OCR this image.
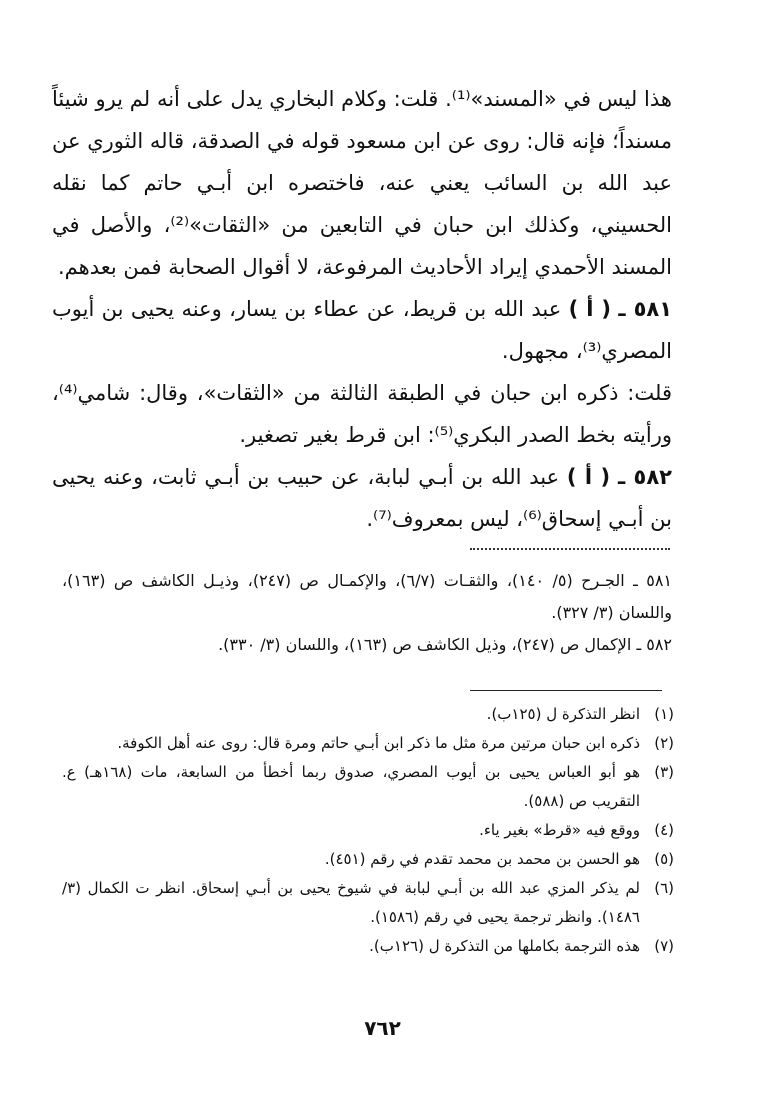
هذا ليس في «المسند»⁽¹⁾. قلت: وكلام البخاري يدل على أنه لم يرو شيئاً مسنداً؛ فإنه قال: روى عن ابن مسعود قوله في الصدقة، قاله الثوري عن عبد الله بن السائب يعني عنه، فاختصره ابن أبـي حاتم كما نقله الحسيني، وكذلك ابن حبان في التابعين من «الثقات»⁽²⁾، والأصل في المسند الأحمدي إيراد الأحاديث المرفوعة، لا أقوال الصحابة فمن بعدهم.

٥٨١ ـ ( أ ) عبد الله بن قريط، عن عطاء بن يسار، وعنه يحيى بن أيوب المصري⁽³⁾، مجهول.

قلت: ذكره ابن حبان في الطبقة الثالثة من «الثقات»، وقال: شامي⁽⁴⁾، ورأيته بخط الصدر البكري⁽⁵⁾: ابن قرط بغير تصغير.

٥٨٢ ـ ( أ ) عبد الله بن أبـي لبابة، عن حبيب بن أبـي ثابت، وعنه يحيى بن أبـي إسحاق⁽⁶⁾، ليس بمعروف⁽⁷⁾.

٥٨١ ـ الجـرح (٥/ ١٤٠)، والثقـات (٦/٧)، والإكمـال ص (٢٤٧)، وذيـل الكاشف ص (١٦٣)، واللسان (٣/ ٣٢٧).

٥٨٢ ـ الإكمال ص (٢٤٧)، وذيل الكاشف ص (١٦٣)، واللسان (٣/ ٣٣٠).

(١)
انظر التذكرة ل (١٢٥ب).
(٢)
ذكره ابن حبان مرتين مرة مثل ما ذكر ابن أبـي حاتم ومرة قال: روى عنه أهل الكوفة.
(٣)
هو أبو العباس يحيى بن أيوب المصري، صدوق ربما أخطأ من السابعة، مات (١٦٨هـ) ع. التقريب ص (٥٨٨).
(٤)
ووقع فيه «قرط» بغير ياء.
(٥)
هو الحسن بن محمد بن محمد تقدم في رقم (٤٥١).
(٦)
لم يذكر المزي عبد الله بن أبـي لبابة في شيوخ يحيى بن أبـي إسحاق. انظر ت الكمال (٣/ ١٤٨٦). وانظر ترجمة يحيى في رقم (١٥٨٦).
(٧)
هذه الترجمة بكاملها من التذكرة ل (١٢٦ب).
٧٦٢
